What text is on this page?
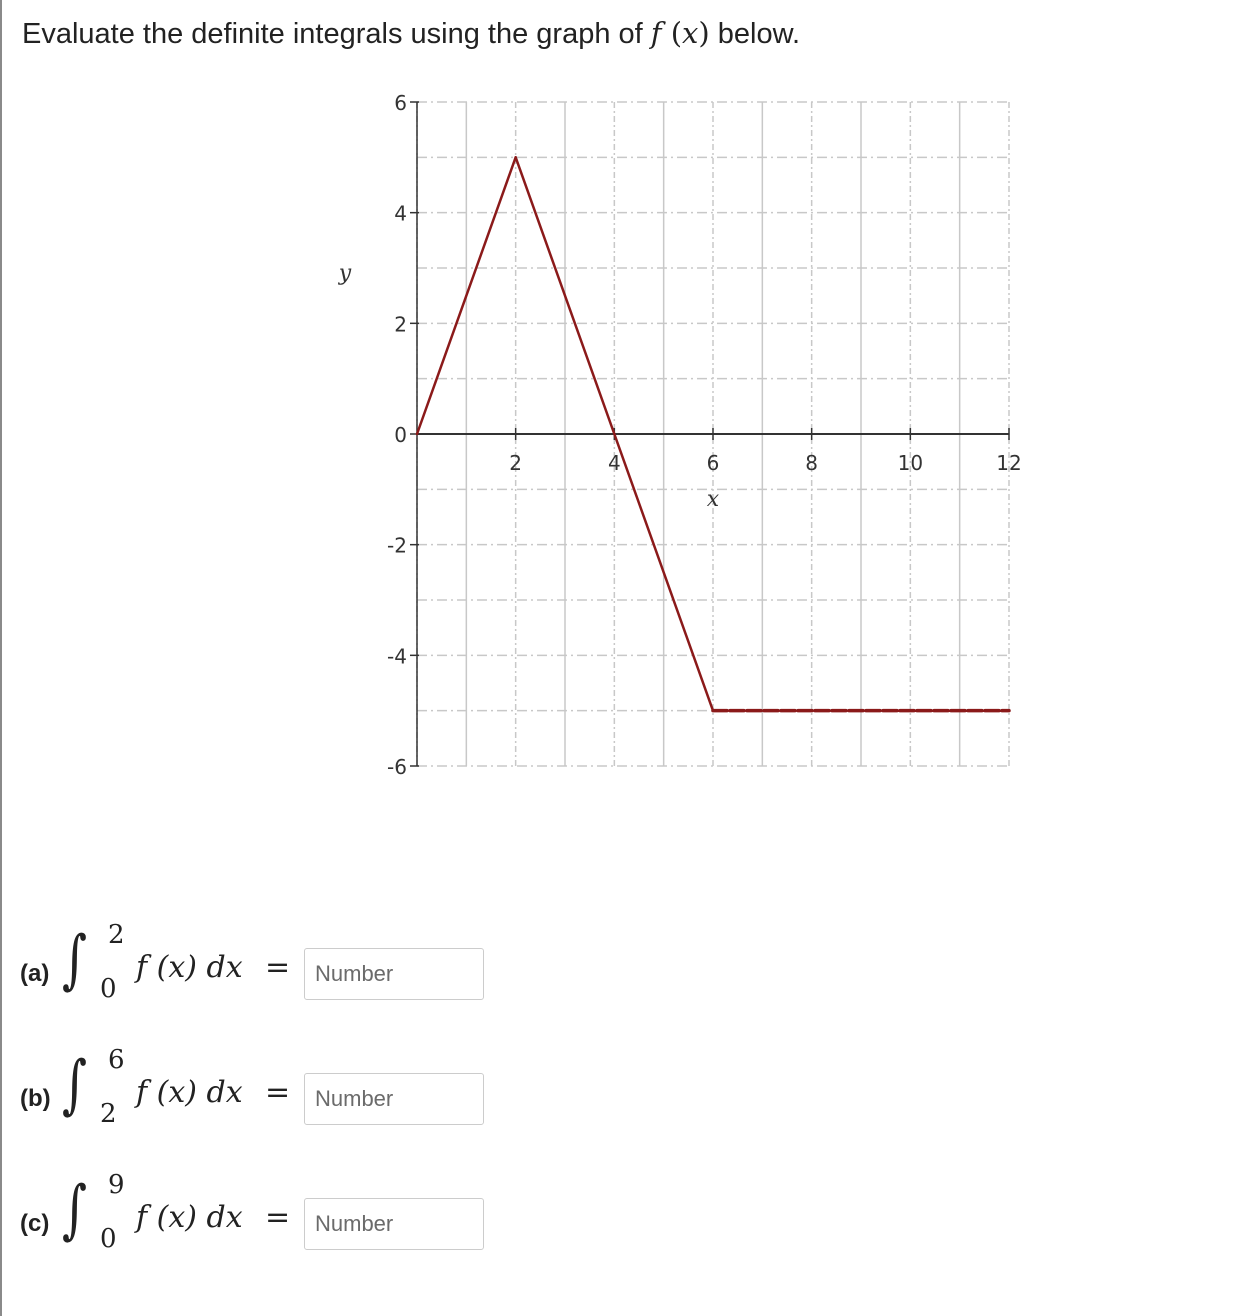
Evaluate the definite integrals using the graph of f (x) below.
6
4
2
0
-2
-4
-6
2	4	6	8	10	12
x
y
(a) ∫ 2
0
f (x) dx =
Number
(b) ∫ 6
2
f (x) dx =
Number
(c) ∫ 9
0
f (x) dx =
Number
